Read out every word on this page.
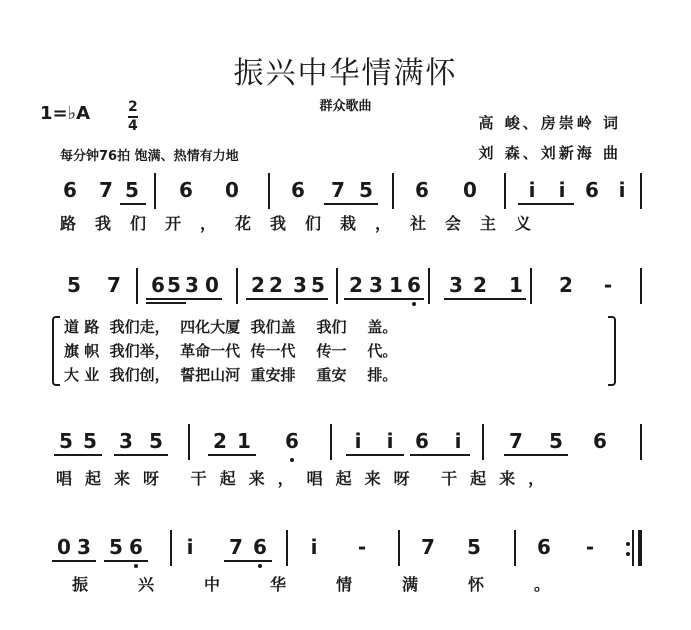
振兴中华情满怀
群众歌曲
1=♭A	2
4
每分钟76拍 饱满、热情有力地
高 峻、房崇岭 词
刘 森、刘新海 曲
6 7 5 6 0	6 7 5 6 0	i	i 6 i

路我们开，花我们栽，社会主义

5 7 6 5 3 0 2 2 3 5 2 3 1 6 3 2 1 2 -
道 路  我们走，  四化大厦  我们盖    我们    盖。
旗 帜  我们举，  革命一代  传一代    传一    代。
大 业  我们创，  誓把山河  重安排    重安    排。
5 5 3 5	2 1 6	i	i	6	i	7 5 6

唱起来呀 干起来，唱起来呀 干起来，

0 3 5 6	i	7 6	i	-	7 5	6 -

振兴中华情满怀。
